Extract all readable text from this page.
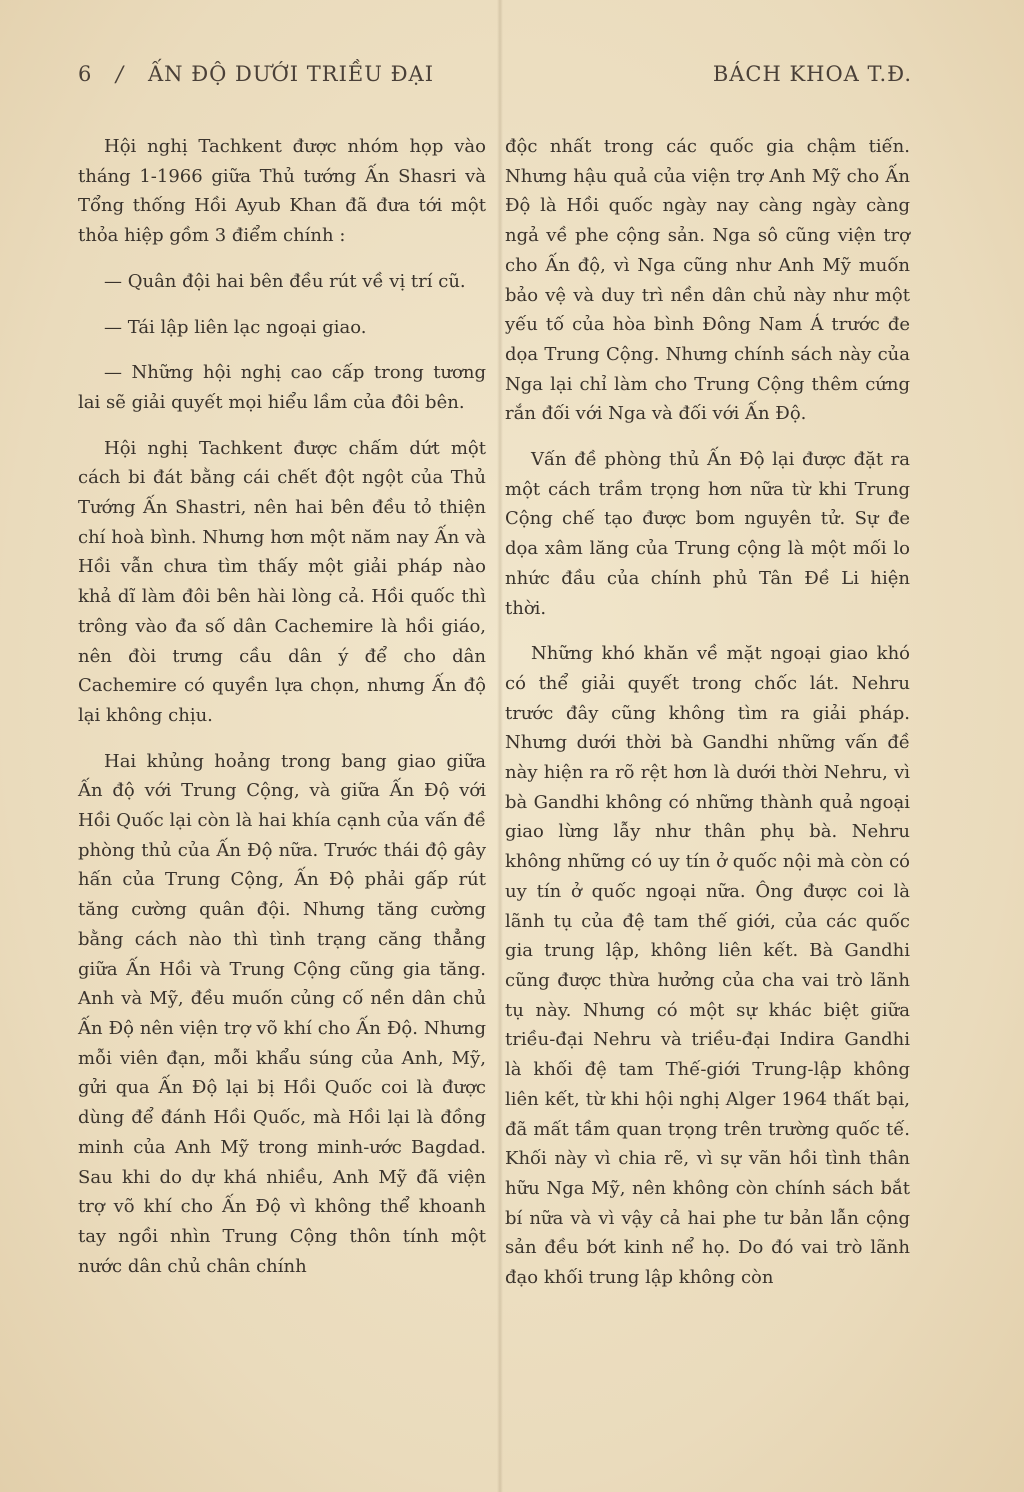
6 / ẤN ĐỘ DƯỚI TRIỀU ĐẠI	BÁCH KHOA T.Đ.

Hội nghị Tachkent được nhóm họp vào tháng 1-1966 giữa Thủ tướng Ấn Shasri và Tổng thống Hồi Ayub Khan đã đưa tới một thỏa hiệp gồm 3 điểm chính :

— Quân đội hai bên đều rút về vị trí cũ.

— Tái lập liên lạc ngoại giao.

— Những hội nghị cao cấp trong tương lai sẽ giải quyết mọi hiểu lầm của đôi bên.

Hội nghị Tachkent được chấm dứt một cách bi đát bằng cái chết đột ngột của Thủ Tướng Ấn Shastri, nên hai bên đều tỏ thiện chí hoà bình. Nhưng hơn một năm nay Ấn và Hồi vẫn chưa tìm thấy một giải pháp nào khả dĩ làm đôi bên hài lòng cả. Hồi quốc thì trông vào đa số dân Cachemire là hồi giáo, nên đòi trưng cầu dân ý để cho dân Cachemire có quyền lựa chọn, nhưng Ấn độ lại không chịu.

Hai khủng hoảng trong bang giao giữa Ấn độ với Trung Cộng, và giữa Ấn Độ với Hồi Quốc lại còn là hai khía cạnh của vấn đề phòng thủ của Ấn Độ nữa. Trước thái độ gây hấn của Trung Cộng, Ấn Độ phải gấp rút tăng cường quân đội. Nhưng tăng cường bằng cách nào thì tình trạng căng thẳng giữa Ấn Hồi và Trung Cộng cũng gia tăng. Anh và Mỹ, đều muốn củng cố nền dân chủ Ấn Độ nên viện trợ võ khí cho Ấn Độ. Nhưng mỗi viên đạn, mỗi khẩu súng của Anh, Mỹ, gửi qua Ấn Độ lại bị Hồi Quốc coi là được dùng để đánh Hồi Quốc, mà Hồi lại là đồng minh của Anh Mỹ trong minh-ước Bagdad. Sau khi do dự khá nhiều, Anh Mỹ đã viện trợ võ khí cho Ấn Độ vì không thể khoanh tay ngồi nhìn Trung Cộng thôn tính một nước dân chủ chân chính

độc nhất trong các quốc gia chậm tiến. Nhưng hậu quả của viện trợ Anh Mỹ cho Ấn Độ là Hồi quốc ngày nay càng ngày càng ngả về phe cộng sản. Nga sô cũng viện trợ cho Ấn độ, vì Nga cũng như Anh Mỹ muốn bảo vệ và duy trì nền dân chủ này như một yếu tố của hòa bình Đông Nam Á trước đe dọa Trung Cộng. Nhưng chính sách này của Nga lại chỉ làm cho Trung Cộng thêm cứng rắn đối với Nga và đối với Ấn Độ.

Vấn đề phòng thủ Ấn Độ lại được đặt ra một cách trầm trọng hơn nữa từ khi Trung Cộng chế tạo được bom nguyên tử. Sự đe dọa xâm lăng của Trung cộng là một mối lo nhức đầu của chính phủ Tân Đề Li hiện thời.

Những khó khăn về mặt ngoại giao khó có thể giải quyết trong chốc lát. Nehru trước đây cũng không tìm ra giải pháp. Nhưng dưới thời bà Gandhi những vấn đề này hiện ra rõ rệt hơn là dưới thời Nehru, vì bà Gandhi không có những thành quả ngoại giao lừng lẫy như thân phụ bà. Nehru không những có uy tín ở quốc nội mà còn có uy tín ở quốc ngoại nữa. Ông được coi là lãnh tụ của đệ tam thế giới, của các quốc gia trung lập, không liên kết. Bà Gandhi cũng được thừa hưởng của cha vai trò lãnh tụ này. Nhưng có một sự khác biệt giữa triều-đại Nehru và triều-đại Indira Gandhi là khối đệ tam Thế-giới Trung-lập không liên kết, từ khi hội nghị Alger 1964 thất bại, đã mất tầm quan trọng trên trường quốc tế. Khối này vì chia rẽ, vì sự vãn hồi tình thân hữu Nga Mỹ, nên không còn chính sách bắt bí nữa và vì vậy cả hai phe tư bản lẫn cộng sản đều bớt kinh nể họ. Do đó vai trò lãnh đạo khối trung lập không còn
